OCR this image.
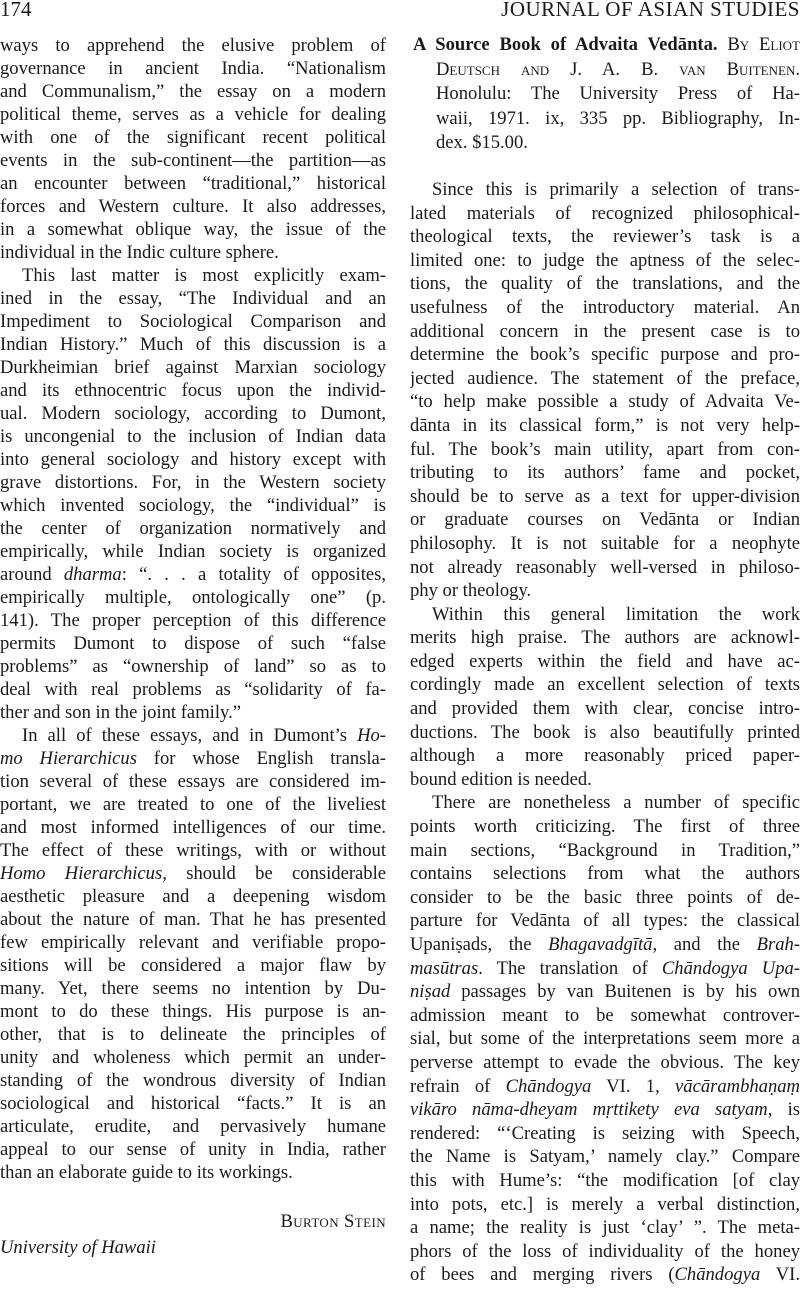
174	JOURNAL OF ASIAN STUDIES
A Source Book of Advaita Vedānta. By Eliot
Deutsch and J. A. B. van Buitenen.
Honolulu: The University Press of Ha-
waii, 1971. ix, 335 pp. Bibliography, In-
dex. $15.00.
ways to apprehend the elusive problem of
governance in ancient India. “Nationalism
and Communalism,” the essay on a modern
political theme, serves as a vehicle for dealing
with one of the significant recent political
events in the sub-continent—the partition—as
an encounter between “traditional,” historical
forces and Western culture. It also addresses,
in a somewhat oblique way, the issue of the
individual in the Indic culture sphere.
This last matter is most explicitly exam-
ined in the essay, “The Individual and an
Impediment to Sociological Comparison and
Indian History.” Much of this discussion is a
Durkheimian brief against Marxian sociology
and its ethnocentric focus upon the individ-
ual. Modern sociology, according to Dumont,
is uncongenial to the inclusion of Indian data
into general sociology and history except with
grave distortions. For, in the Western society
which invented sociology, the “individual” is
the center of organization normatively and
empirically, while Indian society is organized
around dharma: “. . . a totality of opposites,
empirically multiple, ontologically one” (p.
141). The proper perception of this difference
permits Dumont to dispose of such “false
problems” as “ownership of land” so as to
deal with real problems as “solidarity of fa-
ther and son in the joint family.”
In all of these essays, and in Dumont’s Ho-
mo Hierarchicus for whose English transla-
tion several of these essays are considered im-
portant, we are treated to one of the liveliest
and most informed intelligences of our time.
The effect of these writings, with or without
Homo Hierarchicus, should be considerable
aesthetic pleasure and a deepening wisdom
about the nature of man. That he has presented
few empirically relevant and verifiable propo-
sitions will be considered a major flaw by
many. Yet, there seems no intention by Du-
mont to do these things. His purpose is an-
other, that is to delineate the principles of
unity and wholeness which permit an under-
standing of the wondrous diversity of Indian
sociological and historical “facts.” It is an
articulate, erudite, and pervasively humane
appeal to our sense of unity in India, rather
than an elaborate guide to its workings.
Since this is primarily a selection of trans-
lated materials of recognized philosophical-
theological texts, the reviewer’s task is a
limited one: to judge the aptness of the selec-
tions, the quality of the translations, and the
usefulness of the introductory material. An
additional concern in the present case is to
determine the book’s specific purpose and pro-
jected audience. The statement of the preface,
“to help make possible a study of Advaita Ve-
dānta in its classical form,” is not very help-
ful. The book’s main utility, apart from con-
tributing to its authors’ fame and pocket,
should be to serve as a text for upper-division
or graduate courses on Vedānta or Indian
philosophy. It is not suitable for a neophyte
not already reasonably well-versed in philoso-
phy or theology.
Within this general limitation the work
merits high praise. The authors are acknowl-
edged experts within the field and have ac-
cordingly made an excellent selection of texts
and provided them with clear, concise intro-
ductions. The book is also beautifully printed
although a more reasonably priced paper-
bound edition is needed.
There are nonetheless a number of specific
points worth criticizing. The first of three
main sections, “Background in Tradition,”
contains selections from what the authors
consider to be the basic three points of de-
parture for Vedānta of all types: the classical
Upaniṣads, the Bhagavadgītā, and the Brah-
masūtras. The translation of Chāndogya Upa-
niṣad passages by van Buitenen is by his own
admission meant to be somewhat controver-
sial, but some of the interpretations seem more a
perverse attempt to evade the obvious. The key
refrain of Chāndogya VI. 1, vācārambhaṇaṃ
vikāro nāma-dheyam mṛttikety eva satyam, is
rendered: “‘Creating is seizing with Speech,
the Name is Satyam,’ namely clay.” Compare
this with Hume’s: “the modification [of clay
into pots, etc.] is merely a verbal distinction,
a name; the reality is just ‘clay’ ”. The meta-
phors of the loss of individuality of the honey
of bees and merging rivers (Chāndogya VI.
Burton Stein
University of Hawaii
